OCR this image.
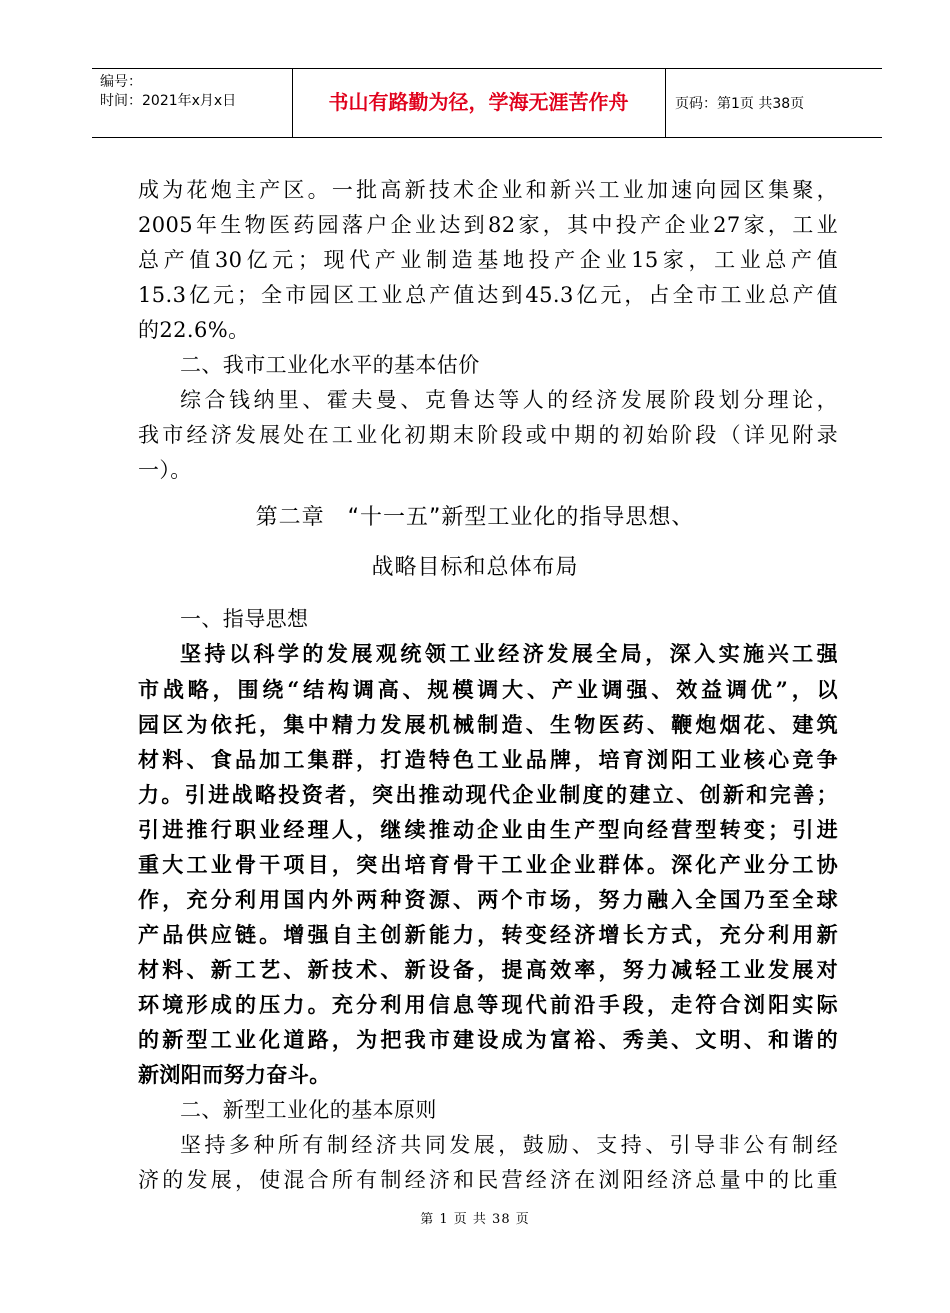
编号：
时间：2021年x月x日	书山有路勤为径，学海无涯苦作舟	页码：第1页 共38页
成为花炮主产区。一批高新技术企业和新兴工业加速向园区集聚，
2005年生物医药园落户企业达到82家，其中投产企业27家，工业
总产值30亿元；现代产业制造基地投产企业15家，工业总产值
15.3亿元；全市园区工业总产值达到45.3亿元，占全市工业总产值
的22.6%。
二、我市工业化水平的基本估价
综合钱纳里、霍夫曼、克鲁达等人的经济发展阶段划分理论，
我市经济发展处在工业化初期末阶段或中期的初始阶段（详见附录
一）。
第二章　“十一五”新型工业化的指导思想、
战略目标和总体布局
一、指导思想
坚持以科学的发展观统领工业经济发展全局，深入实施兴工强
市战略，围绕“结构调高、规模调大、产业调强、效益调优”，以
园区为依托，集中精力发展机械制造、生物医药、鞭炮烟花、建筑
材料、食品加工集群，打造特色工业品牌，培育浏阳工业核心竞争
力。引进战略投资者，突出推动现代企业制度的建立、创新和完善；
引进推行职业经理人，继续推动企业由生产型向经营型转变；引进
重大工业骨干项目，突出培育骨干工业企业群体。深化产业分工协
作，充分利用国内外两种资源、两个市场，努力融入全国乃至全球
产品供应链。增强自主创新能力，转变经济增长方式，充分利用新
材料、新工艺、新技术、新设备，提高效率，努力减轻工业发展对
环境形成的压力。充分利用信息等现代前沿手段，走符合浏阳实际
的新型工业化道路，为把我市建设成为富裕、秀美、文明、和谐的
新浏阳而努力奋斗。
二、新型工业化的基本原则
坚持多种所有制经济共同发展，鼓励、支持、引导非公有制经
济的发展，使混合所有制经济和民营经济在浏阳经济总量中的比重
第 1 页 共 38 页
